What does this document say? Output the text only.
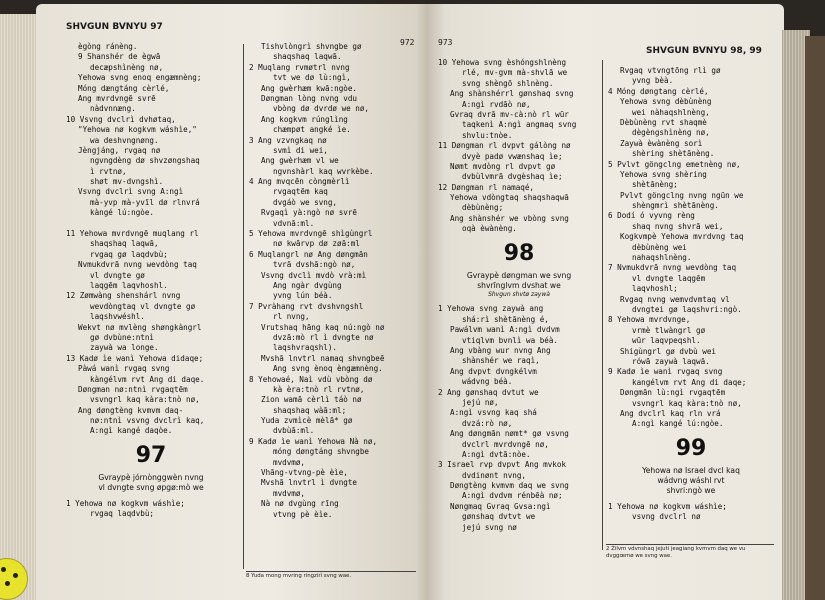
SHVGUN BVNYU 97
972
ègòng ránèng.
9 Shanshér de ègwā
decæpshìnèng nø,
Yehowa svng enoq engæmnèng;
Móng dængtáng cèrlé,
Ang mvrdvngē svrē
nàdvnnæng.
10 Vsvng dvclrì dvhøtaq,
"Yehowa nø kogkvm wáshìe,"
wa deshvngnøng.
Jèngjáng, rvgaq nø
ngvngdèng dø shvzøngshaq
ì rvtnø,
shøt mv-dvngshì.
Vsvng dvclrì svng A:ngì
mà-yvp mà-yvīl dø rlnvrá
kàngé lú:ngòe.
11 Yehowa mvrdvngē muqlang rl
shaqshaq laqwā,
rvgaq gø laqdvbù;
Nvmukdvrā nvng wevdòng taq
vl dvngte gø
laqgēm laqvhoshl.
12 Zømwàng shenshárl nvng
wevdòngtaq vl dvngte gø
laqshvwéshl.
Wekvt nø mvlèng shøngkàngrl
gø dvbùne:ntnì
zaywà wa longe.
13 Kadø ìe wanì Yehowa didaqe;
Pàwá wanì rvgaq svng
kàngélvm rvt Ang di daqe.
Døngman nø:ntnì rvgaqtēm
vsvngrl kaq kàra:tnò nø,
Ang døngtèng kvmvm daq-
nø:ntnì vsvng dvclrì kaq,
A:ngì kangé daqòe.
97
Gvraypè jórnònggwèn nvng
vl dvngte svng øpgø:mò we
1 Yehowa nø kogkvm wáshìe;
rvgaq laqdvbù;
Tishvlòngrì shvngbe gø
shaqshaq laqwā.
2 Muqlang rvmøtrl nvng
tvt we dø lù:ngì,
Ang gwèrhæm kwā:ngòe.
Døngman lòng nvng vdu
vbòng dø dvrdø we nø,
Ang kogkvm rúnglìng
chæmpøt angké ìe.
3 Ang vzvngkaq nø
svmì di wei,
Ang gwèrhæm vl we
ngvnshàrl kaq wvrkèbe.
4 Ang mvqcēn còngmèrlì
rvgaqtēm kaq
dvgáò we svng,
Rvgaqì yà:ngò nø svrē
vdvnā:ml.
5 Yehowa mvrdvngē shìgùngrl
nø kwārvp dø zøā:ml
6 Muqlangrl nø Ang døngmān
tvrā dvshā:ngò nø,
Vsvng dvclì mvdò vrà:mì
Ang ngàr dvgùng
yvng lún béà.
7 Pvràhang rvt dvshvngshl
rl nvng,
Vrutshaq hāng kaq nú:ngò nø
dvzā:mò rl ì dvngte nø
laqshvraqshl).
Mvshā lnvtrl namaq shvngbeē
Ang svng ènoq èngæmnèng.
8 Yehowaé, Naì vdù vbòng dø
kà èra:tnò rl rvtnø,
Zion wamā cèrlì táò nø
shaqshaq wàā:ml;
Yuda zvmìcè mèlā* gø
dvbùā:ml.
9 Kadø ìe wanì Yehowa Nà nø,
móng døngtáng shvngbe
mvdvmø,
Vhāng-vtvng-pè èìe,
Mvshā lnvtrl ì dvngte
mvdvmø,
Nà nø dvgùng rīng
vtvng pè èìe.
8 Yuda mong mvring ringzirì svng wae.
973
SHVGUN BVNYU 98, 99
10 Yehowa svng èshóngshlnèng
rlé, mv-gvm mà-shvlā we
svng shèngō shlnèng.
Ang shànshérrl gønshaq svng
A:ngì rvdāò nø,
Gvraq dvrā mv-cà:nò rl wūr
taqkenì A:ngì angmaq svng
shvlu:tnòe.
11 Døngman rl dvpvt gálòng nø
dvyè padø vwænshaq ìe;
Nømt mvdòng rl dvpvt gø
dvbùlvmrā dvgèshaq ìe;
12 Døngman rl namaqé,
Yehowa vdòngtaq shaqshaqwā
dèbùnèng;
Ang shànshér we vbòng svng
oqà èwànèng.
98
Gvraypè døngman we svng
shvrīnglvm dvshat we
Shvgun shvtø zaywà
1 Yehowa svng zaywà ang
shá:rì shètānèng é,
Pawálvm wanì A:ngì dvdvm
vtiqlvm bvnlì wa béà.
Ang vbàng wur nvng Ang
shànshér we raqì,
Ang dvpvt dvngkélvm
wádvng béà.
2 Ang gønshaq dvtut we
jejú nø,
A:ngì vsvng kaq shá
dvzá:rò nø,
Ang døngmān nømt* gø vsvng
dvclrl mvrdvngē nø,
A:ngì dvtā:nòe.
3 Israel rvp dvpvt Ang mvkok
dvdinønt nvng,
Døngtèng kvmvm daq we svng
A:ngì dvdvm rénbēà nø;
Nøngmaq Gvraq Gvsa:ngì
gønshaq dvtvt we
jejú svng nø
Rvgaq vtvngtōng rlì gø
yvng bèà.
4 Móng døngtang cèrlé,
Yehowa svng dèbùnèng
wei nàhaqshlnèng,
Dèbùnèng rvt shaqmè
dègèngshìnèng nø,
Zaywà èwànèng sorì
shèring shètānèng.
5 Pvlvt göngclng emetnèng nø,
Yehowa svng shèring
shètānèng;
Pvlvt göngclng nvng ngūn we
shèngmrì shètānèng.
6 Dodí ó vyvng rèng
shaq nvng shvrā wei,
Kogkvmpè Yehowa mvrdvng taq
dèbùnèng wei
nahaqshlnèng.
7 Nvmukdvrā nvng wevdòng taq
vl dvngte laqgēm
laqvhoshl;
Rvgaq nvng wemvdvmtaq vl
dvngtei gø laqshvri:ngò.
8 Yehowa mvrdvnge,
vrmè tlwàngrl gø
wūr laqvpeqshl.
Shigùngrl gø dvbù wei
rówā zaywà laqwā.
9 Kadø ìe wanì rvgaq svng
kangélvm rvt Ang di daqe;
Døngmān lù:ngì rvgaqtēm
vsvngrl kaq kàra:tnò nø,
Ang dvclrl kaq rln vrá
A:ngì kangé lú:ngòe.
99
Yehowa nø Israel dvcl kaq
wádvng wáshl rvt
shvri:ngò we
1 Yehowa nø kogkvm wáshìe;
vsvng dvclrl nø
2 Zilvm vdvnshaq jejuti jeagiang kvmvm daq we vu dvggœmø we svng wae.
